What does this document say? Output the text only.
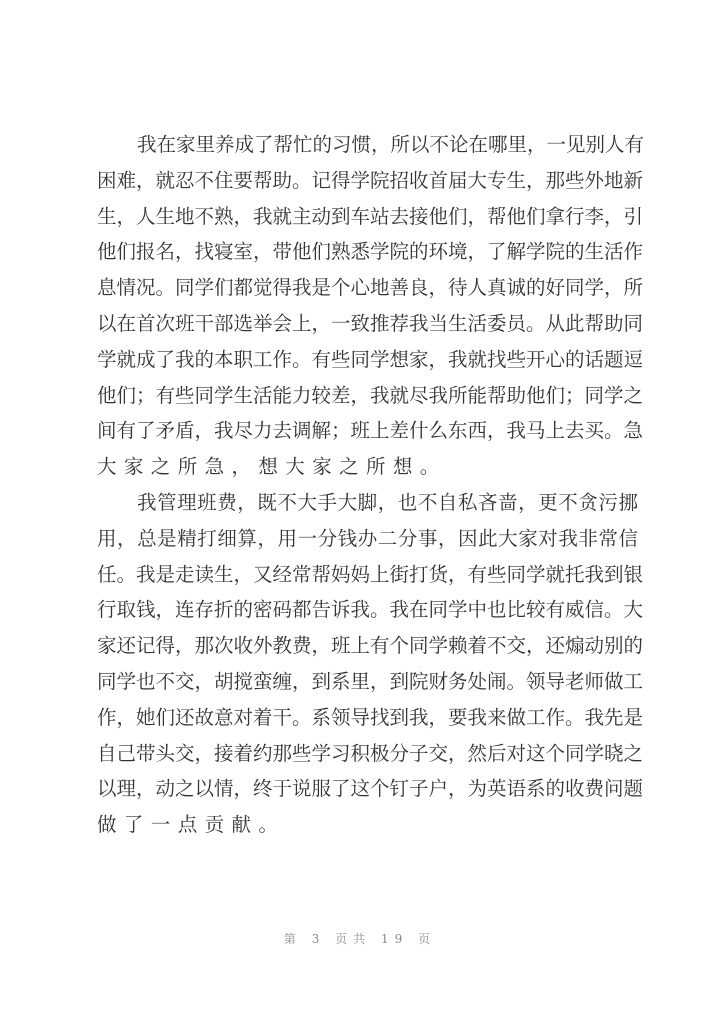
我在家里养成了帮忙的习惯，所以不论在哪里，一见别人有
困难，就忍不住要帮助。记得学院招收首届大专生，那些外地新
生，人生地不熟，我就主动到车站去接他们，帮他们拿行李，引
他们报名，找寝室，带他们熟悉学院的环境，了解学院的生活作
息情况。同学们都觉得我是个心地善良，待人真诚的好同学，所
以在首次班干部选举会上，一致推荐我当生活委员。从此帮助同
学就成了我的本职工作。有些同学想家，我就找些开心的话题逗
他们；有些同学生活能力较差，我就尽我所能帮助他们；同学之
间有了矛盾，我尽力去调解；班上差什么东西，我马上去买。急
大家之所急，想大家之所想。
我管理班费，既不大手大脚，也不自私吝啬，更不贪污挪
用，总是精打细算，用一分钱办二分事，因此大家对我非常信
任。我是走读生，又经常帮妈妈上街打货，有些同学就托我到银
行取钱，连存折的密码都告诉我。我在同学中也比较有威信。大
家还记得，那次收外教费，班上有个同学赖着不交，还煽动别的
同学也不交，胡搅蛮缠，到系里，到院财务处闹。领导老师做工
作，她们还故意对着干。系领导找到我，要我来做工作。我先是
自己带头交，接着约那些学习积极分子交，然后对这个同学晓之
以理，动之以情，终于说服了这个钉子户，为英语系的收费问题
做了一点贡献。
第 3 页共 19 页
